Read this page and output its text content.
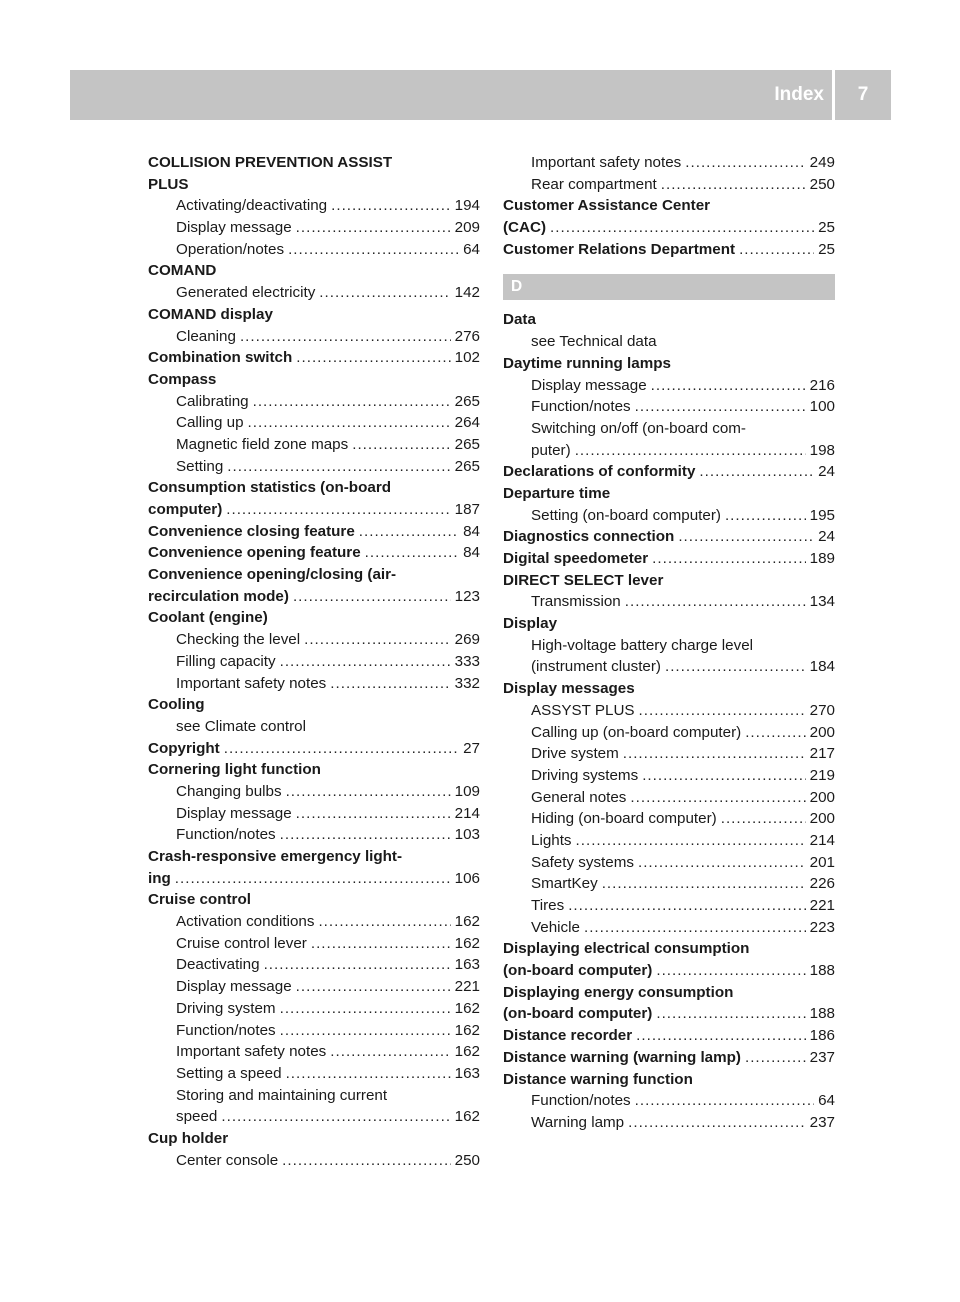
Index	7
COLLISION PREVENTION ASSIST
PLUS
Activating/deactivating .....	194
Display message .....	209
Operation/notes .....	64
COMAND
Generated electricity .....	142
COMAND display
Cleaning .....	276
Combination switch .....	102
Compass
Calibrating .....	265
Calling up .....	264
Magnetic field zone maps .....	265
Setting .....	265
Consumption statistics (on-board
computer) .....	187
Convenience closing feature .....	84
Convenience opening feature .....	84
Convenience opening/closing (air-
recirculation mode) .....	123
Coolant (engine)
Checking the level .....	269
Filling capacity .....	333
Important safety notes .....	332
Cooling
see Climate control
Copyright .....	27
Cornering light function
Changing bulbs .....	109
Display message .....	214
Function/notes .....	103
Crash-responsive emergency light-
ing .....	106
Cruise control
Activation conditions .....	162
Cruise control lever .....	162
Deactivating .....	163
Display message .....	221
Driving system .....	162
Function/notes .....	162
Important safety notes .....	162
Setting a speed .....	163
Storing and maintaining current
speed .....	162
Cup holder
Center console .....	250
Important safety notes .....	249
Rear compartment .....	250
Customer Assistance Center
(CAC) .....	25
Customer Relations Department .....	25
D
Data
see Technical data
Daytime running lamps
Display message .....	216
Function/notes .....	100
Switching on/off (on-board com-
puter) .....	198
Declarations of conformity .....	24
Departure time
Setting (on-board computer) .....	195
Diagnostics connection .....	24
Digital speedometer .....	189
DIRECT SELECT lever
Transmission .....	134
Display
High-voltage battery charge level
(instrument cluster) .....	184
Display messages
ASSYST PLUS .....	270
Calling up (on-board computer) .....	200
Drive system .....	217
Driving systems .....	219
General notes .....	200
Hiding (on-board computer) .....	200
Lights .....	214
Safety systems .....	201
SmartKey .....	226
Tires .....	221
Vehicle .....	223
Displaying electrical consumption
(on-board computer) .....	188
Displaying energy consumption
(on-board computer) .....	188
Distance recorder .....	186
Distance warning (warning lamp) .....	237
Distance warning function
Function/notes .....	64
Warning lamp .....	237
